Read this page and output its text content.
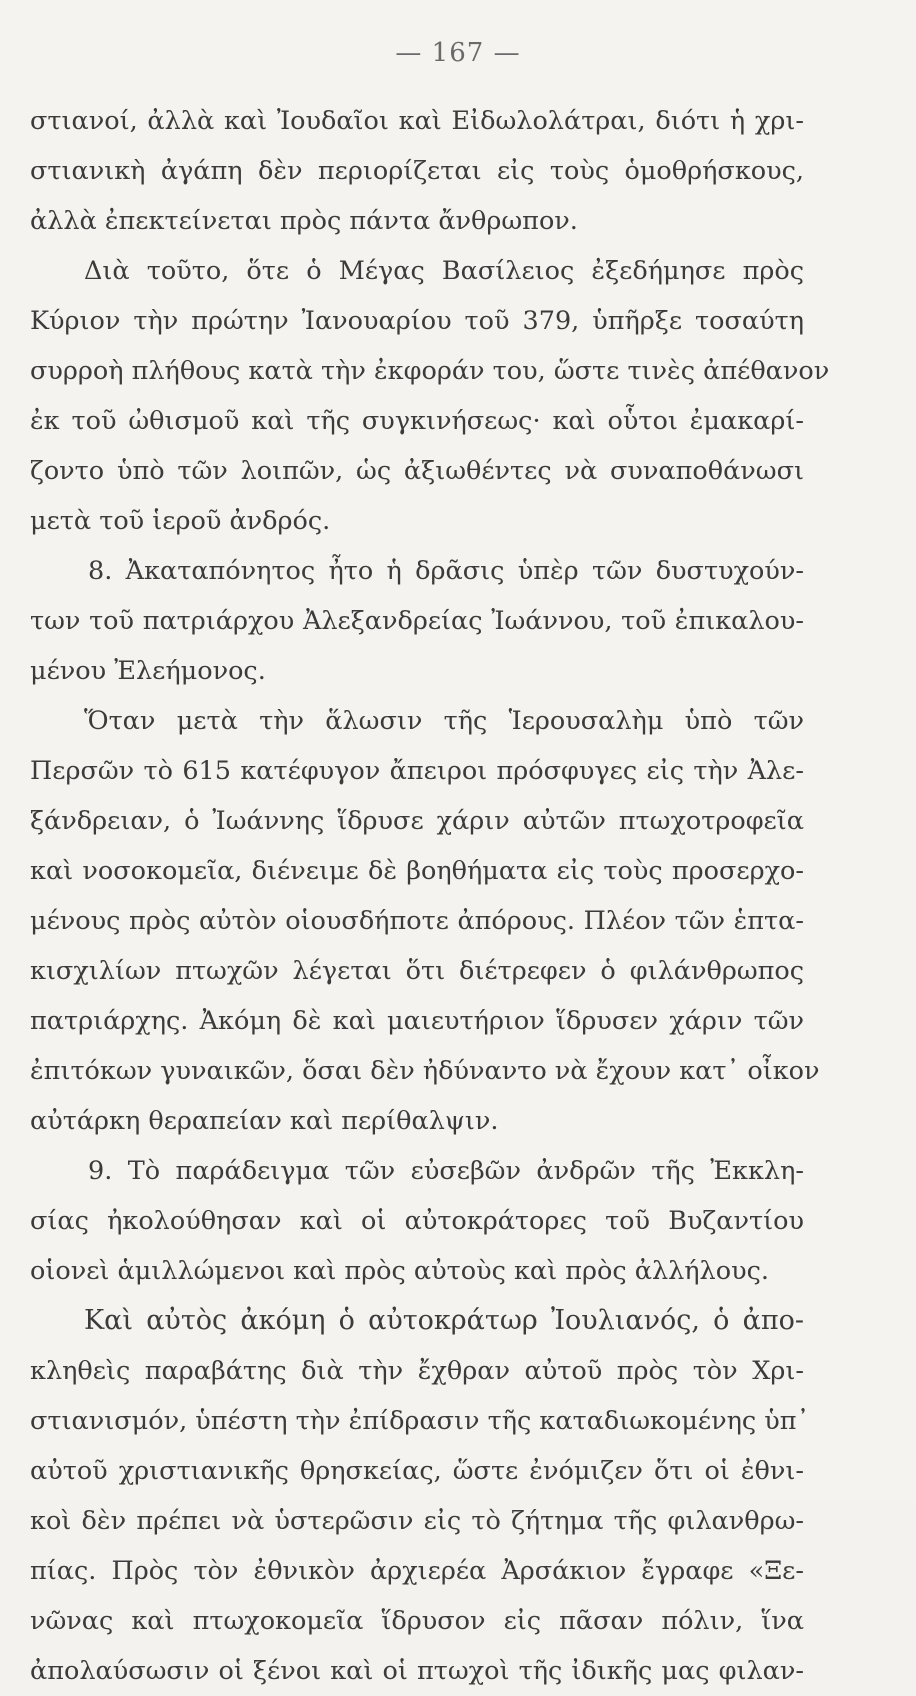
— 167 —
στιανοί, ἀλλὰ καὶ Ἰουδαῖοι καὶ Εἰδωλολάτραι, διότι ἡ χρι-
στιανικὴ ἀγάπη δὲν περιορίζεται εἰς τοὺς ὁμοθρήσκους,
ἀλλὰ ἐπεκτείνεται πρὸς πάντα ἄνθρωπον.
Διὰ τοῦτο, ὅτε ὁ Μέγας Βασίλειος ἐξεδήμησε πρὸς
Κύριον τὴν πρώτην Ἰανουαρίου τοῦ 379, ὑπῆρξε τοσαύτη
συρροὴ πλήθους κατὰ τὴν ἐκφοράν του, ὥστε τινὲς ἀπέθανον
ἐκ τοῦ ὠθισμοῦ καὶ τῆς συγκινήσεως· καὶ οὗτοι ἐμακαρί-
ζοντο ὑπὸ τῶν λοιπῶν, ὡς ἀξιωθέντες νὰ συναποθάνωσι
μετὰ τοῦ ἱεροῦ ἀνδρός.
8. Ἀκαταπόνητος ἦτο ἡ δρᾶσις ὑπὲρ τῶν δυστυχούν-
των τοῦ πατριάρχου Ἀλεξανδρείας Ἰωάννου, τοῦ ἐπικαλου-
μένου Ἐλεήμονος.
Ὅταν μετὰ τὴν ἅλωσιν τῆς Ἱερουσαλὴμ ὑπὸ τῶν
Περσῶν τὸ 615 κατέφυγον ἄπειροι πρόσφυγες εἰς τὴν Ἀλε-
ξάνδρειαν, ὁ Ἰωάννης ἵδρυσε χάριν αὐτῶν πτωχοτροφεῖα
καὶ νοσοκομεῖα, διένειμε δὲ βοηθήματα εἰς τοὺς προσερχο-
μένους πρὸς αὐτὸν οἱουσδήποτε ἀπόρους. Πλέον τῶν ἑπτα-
κισχιλίων πτωχῶν λέγεται ὅτι διέτρεφεν ὁ φιλάνθρωπος
πατριάρχης. Ἀκόμη δὲ καὶ μαιευτήριον ἵδρυσεν χάριν τῶν
ἐπιτόκων γυναικῶν, ὅσαι δὲν ἠδύναντο νὰ ἔχουν κατ᾽ οἶκον
αὐτάρκη θεραπείαν καὶ περίθαλψιν.
9. Τὸ παράδειγμα τῶν εὐσεβῶν ἀνδρῶν τῆς Ἐκκλη-
σίας ἠκολούθησαν καὶ οἱ αὐτοκράτορες τοῦ Βυζαντίου
οἱονεὶ ἁμιλλώμενοι καὶ πρὸς αὐτοὺς καὶ πρὸς ἀλλήλους.
Καὶ αὐτὸς ἀκόμη ὁ αὐτοκράτωρ Ἰουλιανός, ὁ ἀπο-
κληθεὶς παραβάτης διὰ τὴν ἔχθραν αὐτοῦ πρὸς τὸν Χρι-
στιανισμόν, ὑπέστη τὴν ἐπίδρασιν τῆς καταδιωκομένης ὑπ᾽
αὐτοῦ χριστιανικῆς θρησκείας, ὥστε ἐνόμιζεν ὅτι οἱ ἐθνι-
κοὶ δὲν πρέπει νὰ ὑστερῶσιν εἰς τὸ ζήτημα τῆς φιλανθρω-
πίας. Πρὸς τὸν ἐθνικὸν ἀρχιερέα Ἀρσάκιον ἔγραφε «Ξε-
νῶνας καὶ πτωχοκομεῖα ἵδρυσον εἰς πᾶσαν πόλιν, ἵνα
ἀπολαύσωσιν οἱ ξένοι καὶ οἱ πτωχοὶ τῆς ἰδικῆς μας φιλαν-
